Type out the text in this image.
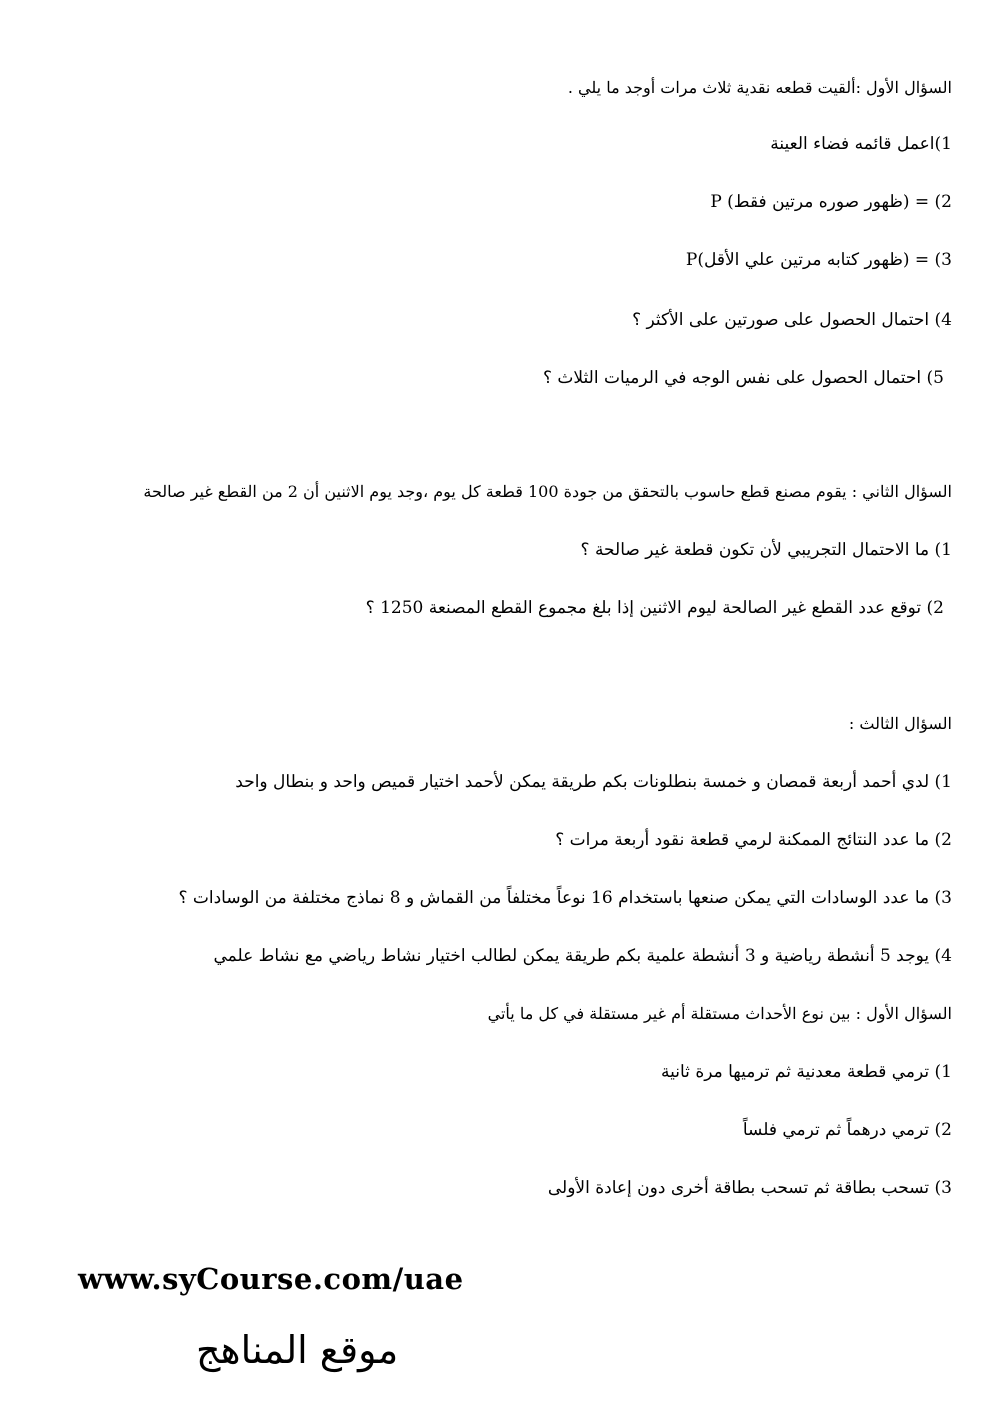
السؤال الأول :ألقيت قطعه نقدية ثلاث مرات أوجد ما يلي .
1)اعمل قائمه فضاء العينة
2) = (ظهور صوره مرتين فقط) P
3) = (ظهور كتابه مرتين علي الأقل)P
4) احتمال الحصول على صورتين على الأكثر ؟
5) احتمال الحصول على نفس الوجه في الرميات الثلاث ؟
السؤال الثاني : يقوم مصنع قطع حاسوب بالتحقق من جودة 100 قطعة كل يوم ،وجد يوم الاثنين أن 2 من القطع غير صالحة
1) ما الاحتمال التجريبي لأن تكون قطعة غير صالحة ؟
2) توقع عدد القطع غير الصالحة ليوم الاثنين إذا بلغ مجموع القطع المصنعة 1250 ؟
السؤال الثالث :
1) لدي أحمد أربعة قمصان و خمسة بنطلونات بكم طريقة يمكن لأحمد اختيار قميص واحد و بنطال واحد
2) ما عدد النتائج الممكنة لرمي قطعة نقود أربعة مرات ؟
3) ما عدد الوسادات التي يمكن صنعها باستخدام 16 نوعاً مختلفاً من القماش و 8 نماذج مختلفة من الوسادات ؟
4) يوجد 5 أنشطة رياضية و 3 أنشطة علمية بكم طريقة يمكن لطالب اختيار نشاط رياضي مع نشاط علمي
السؤال الأول : بين نوع الأحداث مستقلة أم غير مستقلة في كل ما يأتي
1) ترمي قطعة معدنية ثم ترميها مرة ثانية
2) ترمي درهماً ثم ترمي فلساً
3) تسحب بطاقة ثم تسحب بطاقة أخرى دون إعادة الأولى
www.syCourse.com/uae
موقع المناهج
